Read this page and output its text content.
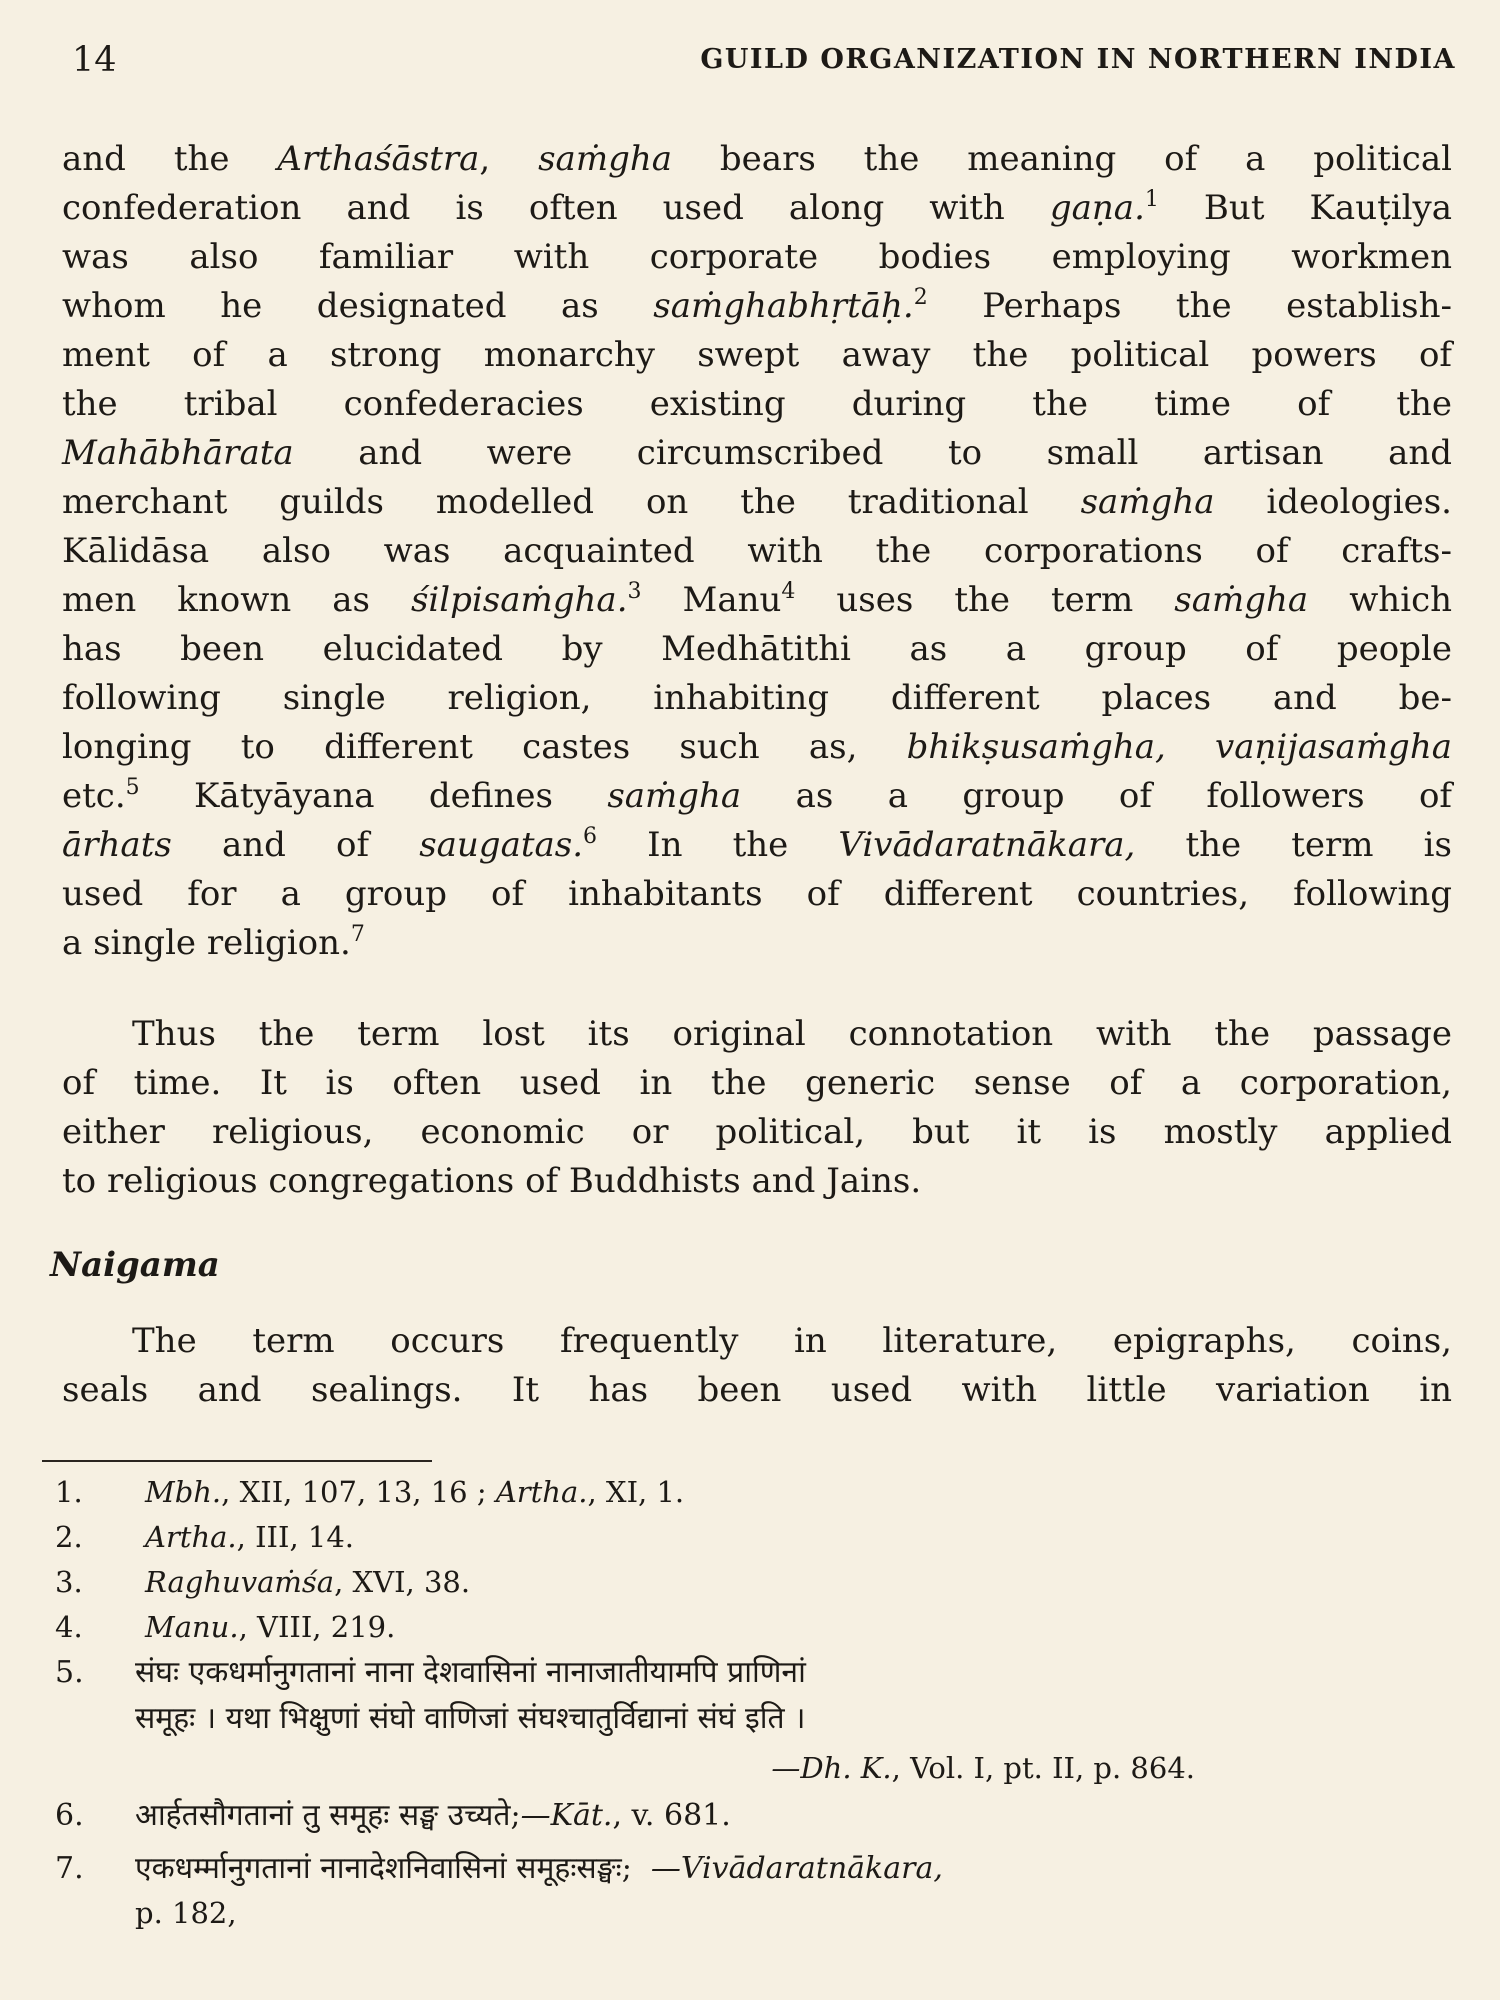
14	GUILD ORGANIZATION IN NORTHERN INDIA
and the Arthaśāstra, saṁgha bears the meaning of a political
confederation and is often used along with gaṇa.$^1$ But Kauṭilya
was also familiar with corporate bodies employing workmen
whom he designated as saṁghabhṛtāḥ.$^2$ Perhaps the establish-
ment of a strong monarchy swept away the political powers of
the tribal confederacies existing during the time of the
Mahābhārata and were circumscribed to small artisan and
merchant guilds modelled on the traditional saṁgha ideologies.
Kālidāsa also was acquainted with the corporations of crafts-
men known as śilpisaṁgha.$^3$ Manu$^4$ uses the term saṁgha which
has been elucidated by Medhātithi as a group of people
following single religion, inhabiting different places and be-
longing to different castes such as, bhikṣusaṁgha, vaṇijasaṁgha
etc.$^5$ Kātyāyana defines saṁgha as a group of followers of
ārhats and of saugatas.$^6$ In the Vivādaratnākara, the term is
used for a group of inhabitants of different countries, following
a single religion.$^7$
Thus the term lost its original connotation with the passage
of time. It is often used in the generic sense of a corporation,
either religious, economic or political, but it is mostly applied
to religious congregations of Buddhists and Jains.
Naigama
The term occurs frequently in literature, epigraphs, coins,
seals and sealings. It has been used with little variation in
1.	Mbh., XII, 107, 13, 16 ; Artha., XI, 1.
2.	Artha., III, 14.
3.	Raghuvaṁśa, XVI, 38.
4.	Manu., VIII, 219.
5.	संघः एकधर्मानुगतानां नाना देशवासिनां नानाजातीयामपि प्राणिनां
समूहः । यथा भिक्षुणां संघो वाणिजां संघश्चातुर्विद्यानां संघं इति ।
—Dh. K., Vol. I, pt. II, p. 864.
6.	आर्हतसौगतानां तु समूहः सङ्घ उच्यते;—Kāt., v. 681.
7.	एकधर्म्मानुगतानां नानादेशनिवासिनां समूहःसङ्घः; —Vivādaratnākara,
p. 182,
